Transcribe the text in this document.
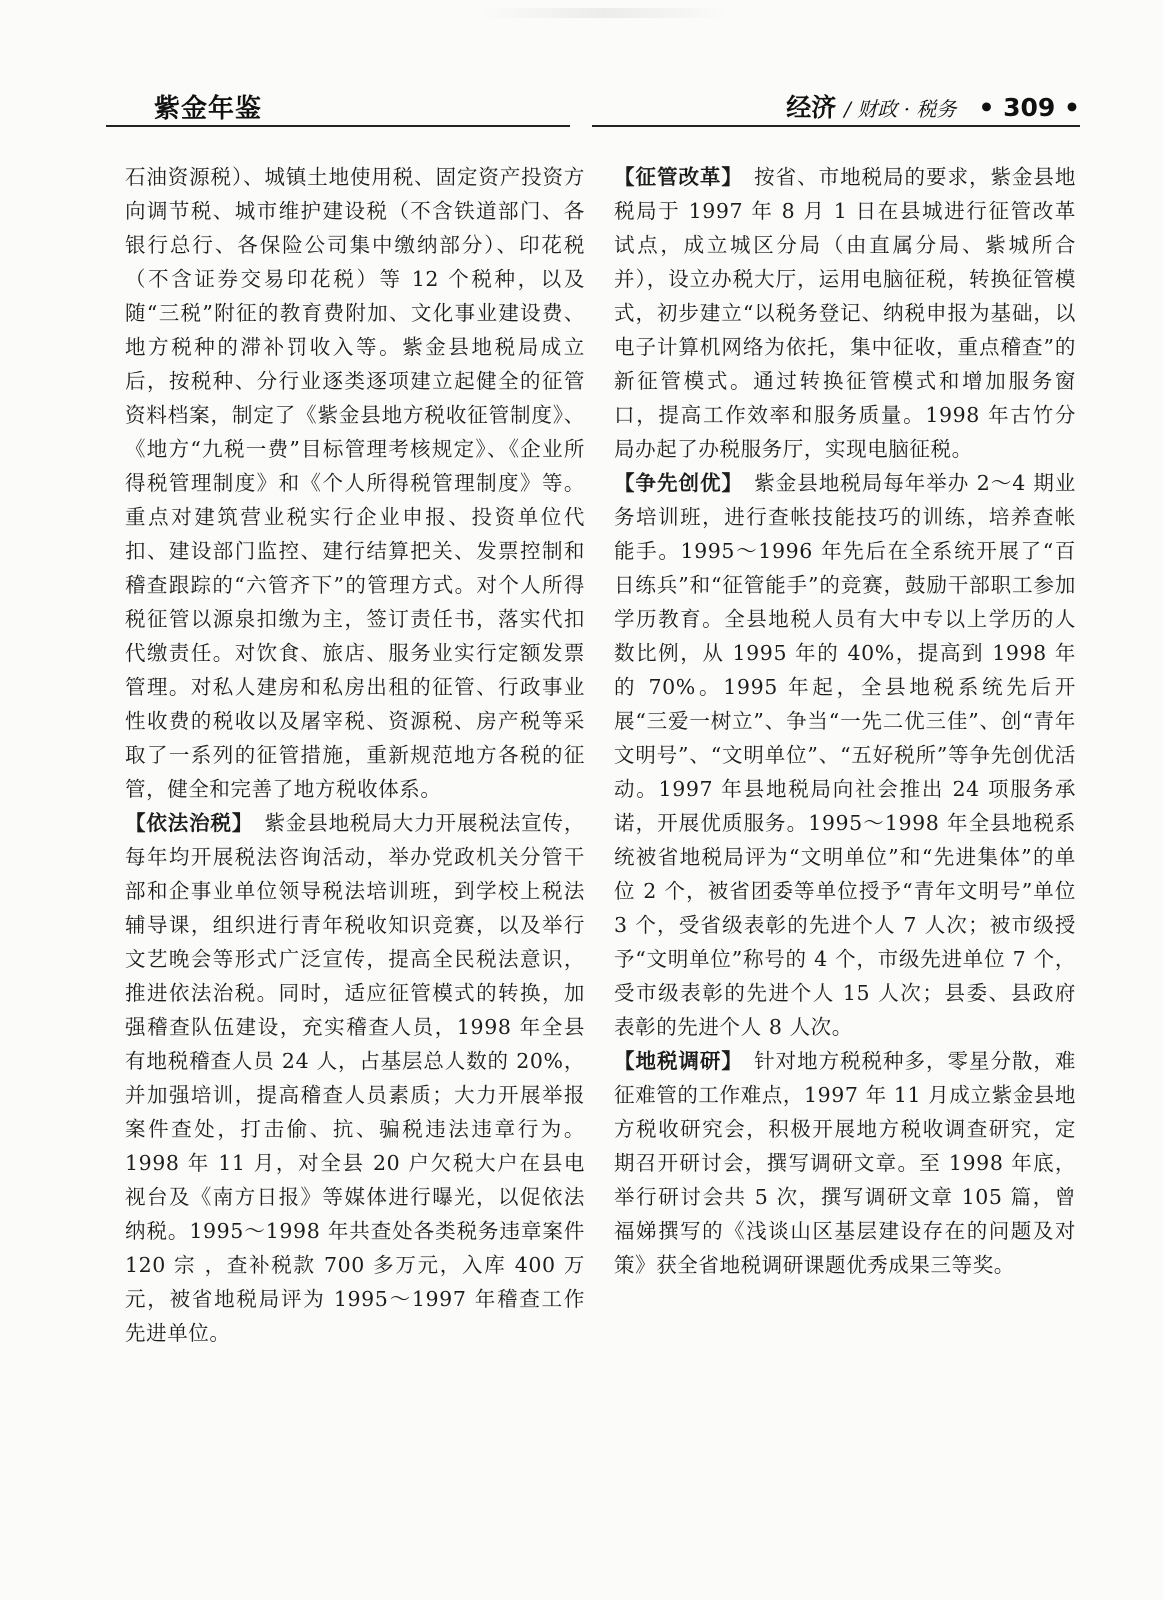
紫金年鉴	经济 / 财政 · 税务 • 309 •

石油资源税）、城镇土地使用税、固定资产投资方向调节税、城市维护建设税（不含铁道部门、各银行总行、各保险公司集中缴纳部分）、印花税（不含证券交易印花税）等 12 个税种，以及随“三税”附征的教育费附加、文化事业建设费、地方税种的滞补罚收入等。紫金县地税局成立后，按税种、分行业逐类逐项建立起健全的征管资料档案，制定了《紫金县地方税收征管制度》、《地方“九税一费”目标管理考核规定》、《企业所得税管理制度》和《个人所得税管理制度》等。重点对建筑营业税实行企业申报、投资单位代扣、建设部门监控、建行结算把关、发票控制和稽查跟踪的“六管齐下”的管理方式。对个人所得税征管以源泉扣缴为主，签订责任书，落实代扣代缴责任。对饮食、旅店、服务业实行定额发票管理。对私人建房和私房出租的征管、行政事业性收费的税收以及屠宰税、资源税、房产税等采取了一系列的征管措施，重新规范地方各税的征管，健全和完善了地方税收体系。

【依法治税】　紫金县地税局大力开展税法宣传，每年均开展税法咨询活动，举办党政机关分管干部和企事业单位领导税法培训班，到学校上税法辅导课，组织进行青年税收知识竞赛，以及举行文艺晚会等形式广泛宣传，提高全民税法意识，推进依法治税。同时，适应征管模式的转换，加强稽查队伍建设，充实稽查人员，1998 年全县有地税稽查人员 24 人，占基层总人数的 20%，并加强培训，提高稽查人员素质；大力开展举报案件查处，打击偷、抗、骗税违法违章行为。1998 年 11 月，对全县 20 户欠税大户在县电视台及《南方日报》等媒体进行曝光，以促依法纳税。1995～1998 年共查处各类税务违章案件 120 宗 ，查补税款 700 多万元，入库 400 万元，被省地税局评为 1995～1997 年稽查工作先进单位。

【征管改革】　按省、市地税局的要求，紫金县地税局于 1997 年 8 月 1 日在县城进行征管改革试点，成立城区分局（由直属分局、紫城所合并），设立办税大厅，运用电脑征税，转换征管模式，初步建立“以税务登记、纳税申报为基础，以电子计算机网络为依托，集中征收，重点稽查”的新征管模式。通过转换征管模式和增加服务窗口，提高工作效率和服务质量。1998 年古竹分局办起了办税服务厅，实现电脑征税。

【争先创优】　紫金县地税局每年举办 2～4 期业务培训班，进行查帐技能技巧的训练，培养查帐能手。1995～1996 年先后在全系统开展了“百日练兵”和“征管能手”的竞赛，鼓励干部职工参加学历教育。全县地税人员有大中专以上学历的人数比例，从 1995 年的 40%，提高到 1998 年的 70%。1995 年起，全县地税系统先后开展“三爱一树立”、争当“一先二优三佳”、创“青年文明号”、“文明单位”、“五好税所”等争先创优活动。1997 年县地税局向社会推出 24 项服务承诺，开展优质服务。1995～1998 年全县地税系统被省地税局评为“文明单位”和“先进集体”的单位 2 个，被省团委等单位授予“青年文明号”单位 3 个，受省级表彰的先进个人 7 人次；被市级授予“文明单位”称号的 4 个，市级先进单位 7 个，受市级表彰的先进个人 15 人次；县委、县政府表彰的先进个人 8 人次。

【地税调研】　针对地方税税种多，零星分散，难征难管的工作难点，1997 年 11 月成立紫金县地方税收研究会，积极开展地方税收调查研究，定期召开研讨会，撰写调研文章。至 1998 年底，举行研讨会共 5 次，撰写调研文章 105 篇，曾福娣撰写的《浅谈山区基层建设存在的问题及对策》获全省地税调研课题优秀成果三等奖。
